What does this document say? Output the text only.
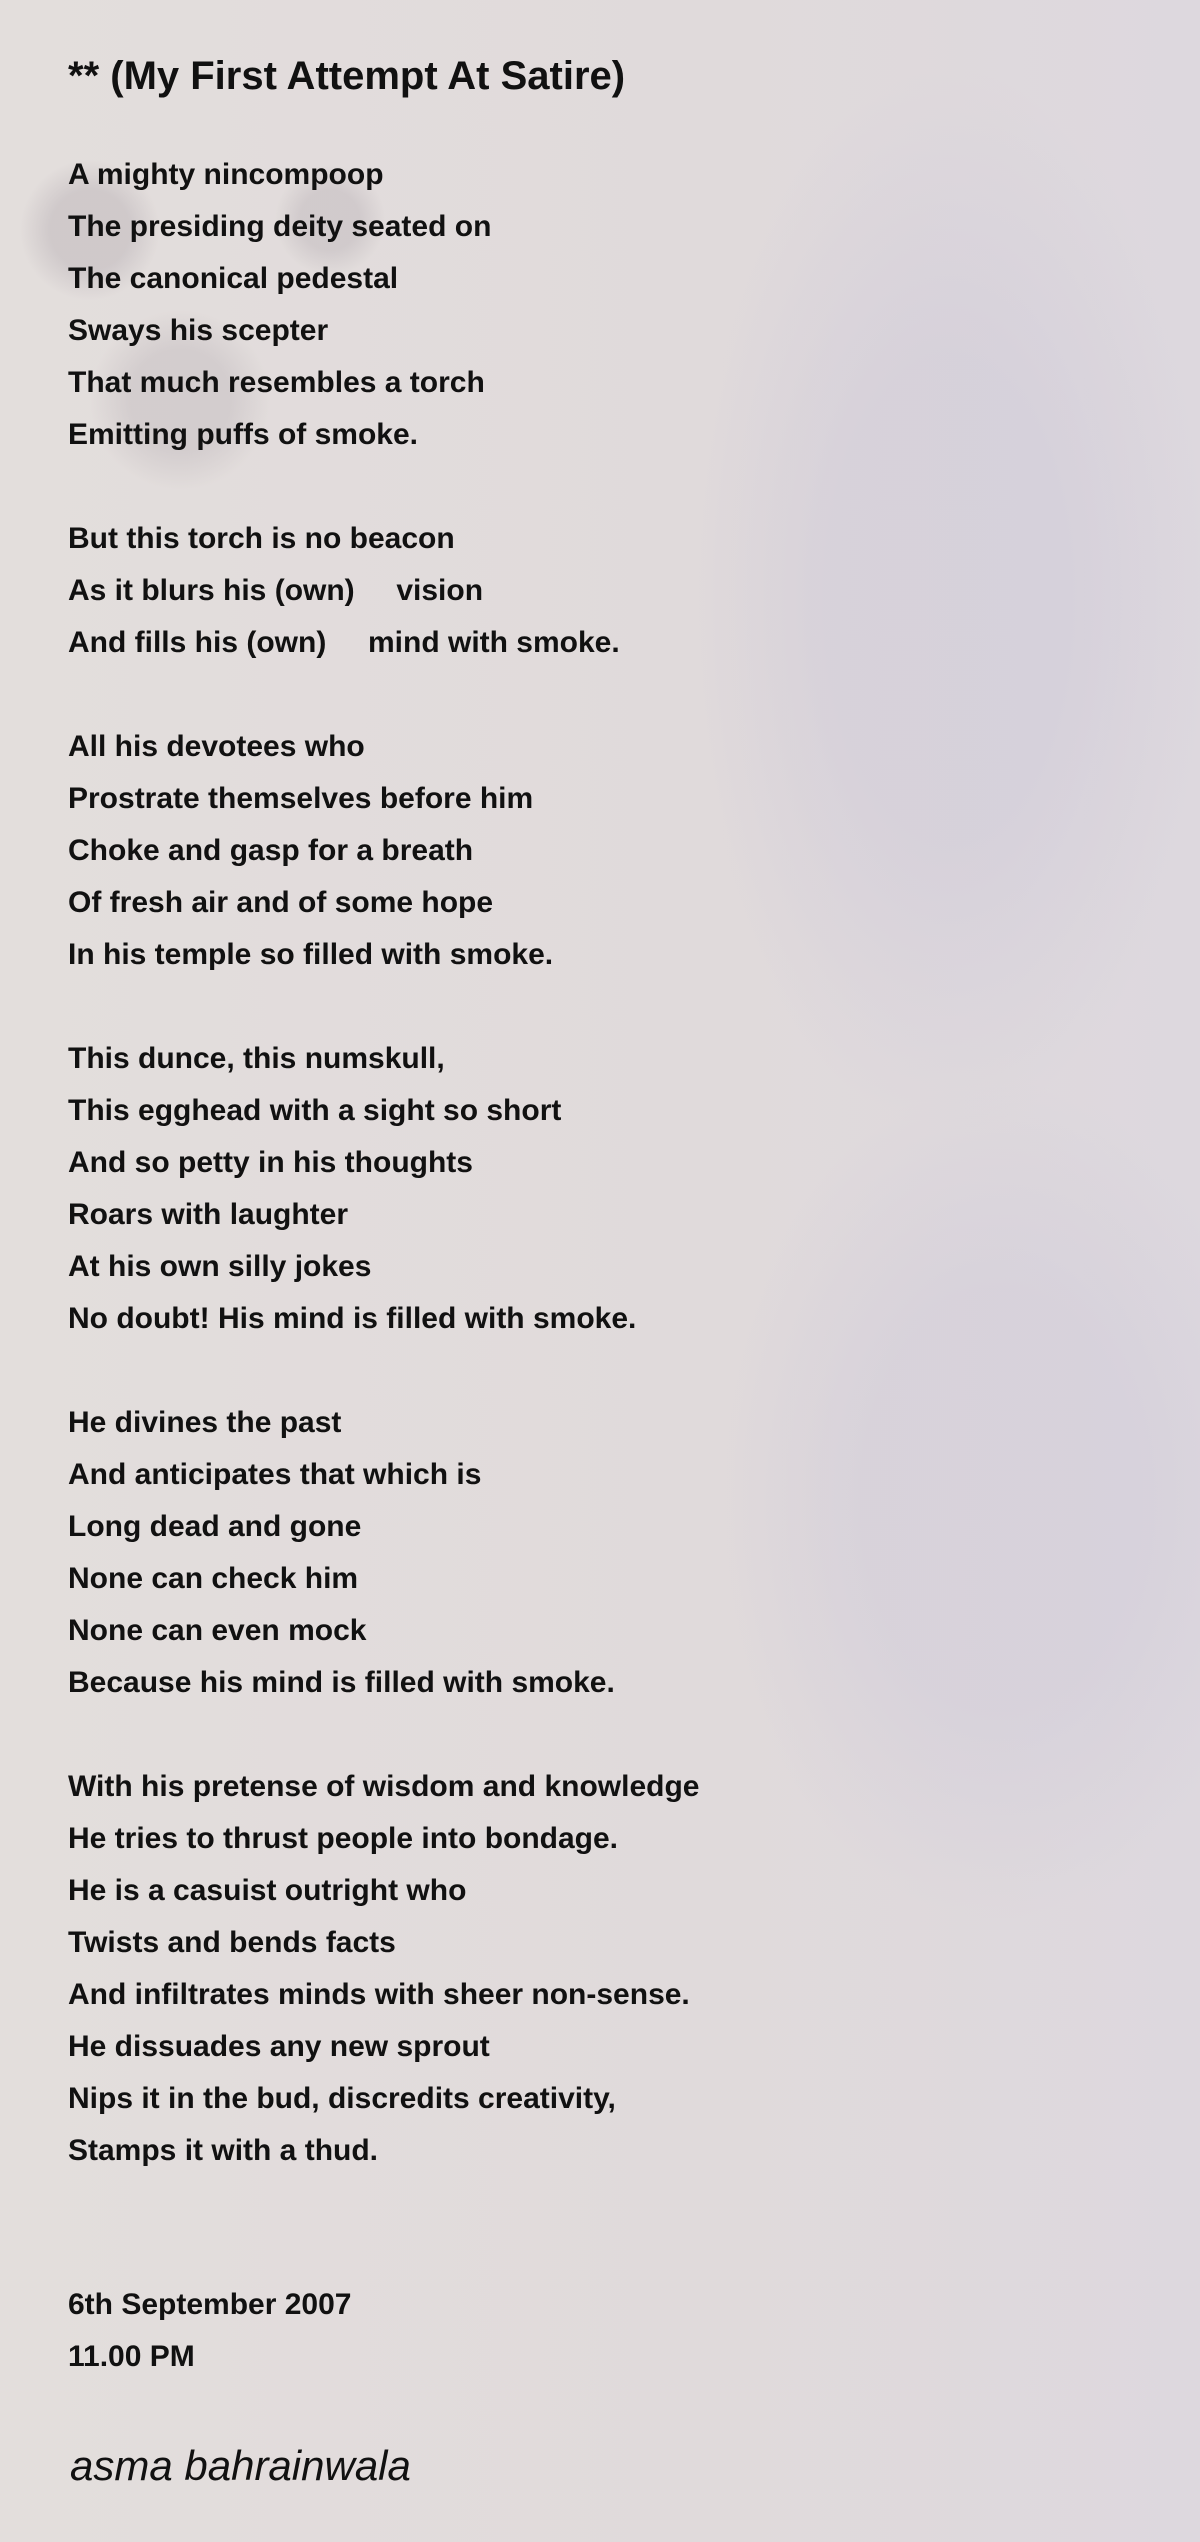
** (My First Attempt At Satire)
A mighty nincompoop
The presiding deity seated on
The canonical pedestal
Sways his scepter
That much resembles a torch
Emitting puffs of smoke.
But this torch is no beacon
As it blurs his (own)     vision
And fills his (own)     mind with smoke.
All his devotees who
Prostrate themselves before him
Choke and gasp for a breath
Of fresh air and of some hope
In his temple so filled with smoke.
This dunce, this numskull,
This egghead with a sight so short
And so petty in his thoughts
Roars with laughter
At his own silly jokes
No doubt! His mind is filled with smoke.
He divines the past
And anticipates that which is
Long dead and gone
None can check him
None can even mock
Because his mind is filled with smoke.
With his pretense of wisdom and knowledge
He tries to thrust people into bondage.
He is a casuist outright who
Twists and bends facts
And infiltrates minds with sheer non-sense.
He dissuades any new sprout
Nips it in the bud, discredits creativity,
Stamps it with a thud.
6th September 2007
11.00 PM
asma bahrainwala
